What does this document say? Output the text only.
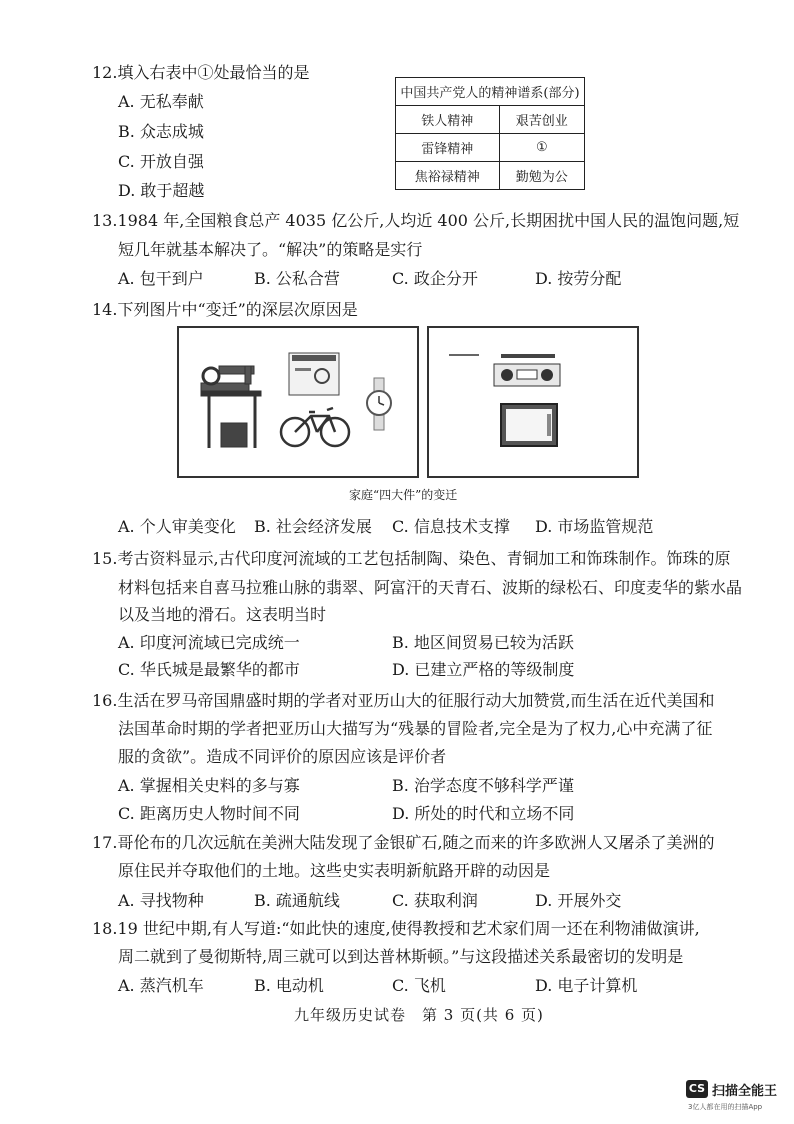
12.填入右表中①处最恰当的是
A. 无私奉献
B. 众志成城
C. 开放自强
D. 敢于超越
中国共产党人的精神谱系(部分)	
铁人精神	艰苦创业
雷锋精神	①
焦裕禄精神	勤勉为公
13.1984 年,全国粮食总产 4035 亿公斤,人均近 400 公斤,长期困扰中国人民的温饱问题,短
短几年就基本解决了。“解决”的策略是实行
A. 包干到户	B. 公私合营	C. 政企分开	D. 按劳分配
14.下列图片中“变迁”的深层次原因是
家庭“四大件”的变迁
A. 个人审美变化 B. 社会经济发展 C. 信息技术支撑 D. 市场监管规范
15.考古资料显示,古代印度河流域的工艺包括制陶、染色、青铜加工和饰珠制作。饰珠的原
材料包括来自喜马拉雅山脉的翡翠、阿富汗的天青石、波斯的绿松石、印度麦华的紫水晶
以及当地的滑石。这表明当时
A. 印度河流域已完成统一	B. 地区间贸易已较为活跃
C. 华氏城是最繁华的都市	D. 已建立严格的等级制度
16.生活在罗马帝国鼎盛时期的学者对亚历山大的征服行动大加赞赏,而生活在近代美国和
法国革命时期的学者把亚历山大描写为“残暴的冒险者,完全是为了权力,心中充满了征
服的贪欲”。造成不同评价的原因应该是评价者
A. 掌握相关史料的多与寡	B. 治学态度不够科学严谨
C. 距离历史人物时间不同	D. 所处的时代和立场不同
17.哥伦布的几次远航在美洲大陆发现了金银矿石,随之而来的许多欧洲人又屠杀了美洲的
原住民并夺取他们的土地。这些史实表明新航路开辟的动因是
A. 寻找物种	B. 疏通航线	C. 获取利润	D. 开展外交
18.19 世纪中期,有人写道:“如此快的速度,使得教授和艺术家们周一还在利物浦做演讲,
周二就到了曼彻斯特,周三就可以到达普林斯顿。”与这段描述关系最密切的发明是
A. 蒸汽机车	B. 电动机	C. 飞机	D. 电子计算机
九年级历史试卷　第 3 页(共 6 页)
CS 扫描全能王
3亿人都在用的扫描App
